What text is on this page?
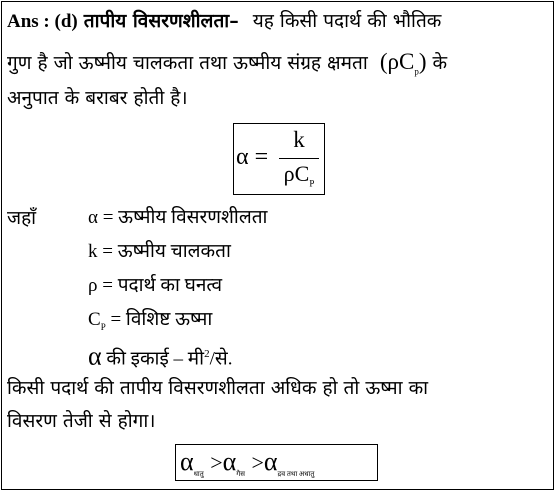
Ans : (d) तापीय विसरणशीलता– यह किसी पदार्थ की भौतिक
गुण है जो ऊष्मीय चालकता तथा ऊष्मीय संग्रह क्षमता $(\rho C_p)$ के
अनुपात के बराबर होती है।
α =
k
$\rho C_P$
जहाँ	α = ऊष्मीय विसरणशीलता
k = ऊष्मीय चालकता
ρ = पदार्थ का घनत्व
$C_P$ = विशिष्ट ऊष्मा
α की इकाई – मी$^2$/से.
किसी पदार्थ की तापीय विसरणशीलता अधिक हो तो ऊष्मा का
विसरण तेजी से होगा।
$\alpha_{धातु} >\alpha_{गैस} >\alpha_{द्रव तथा अधातु}$
